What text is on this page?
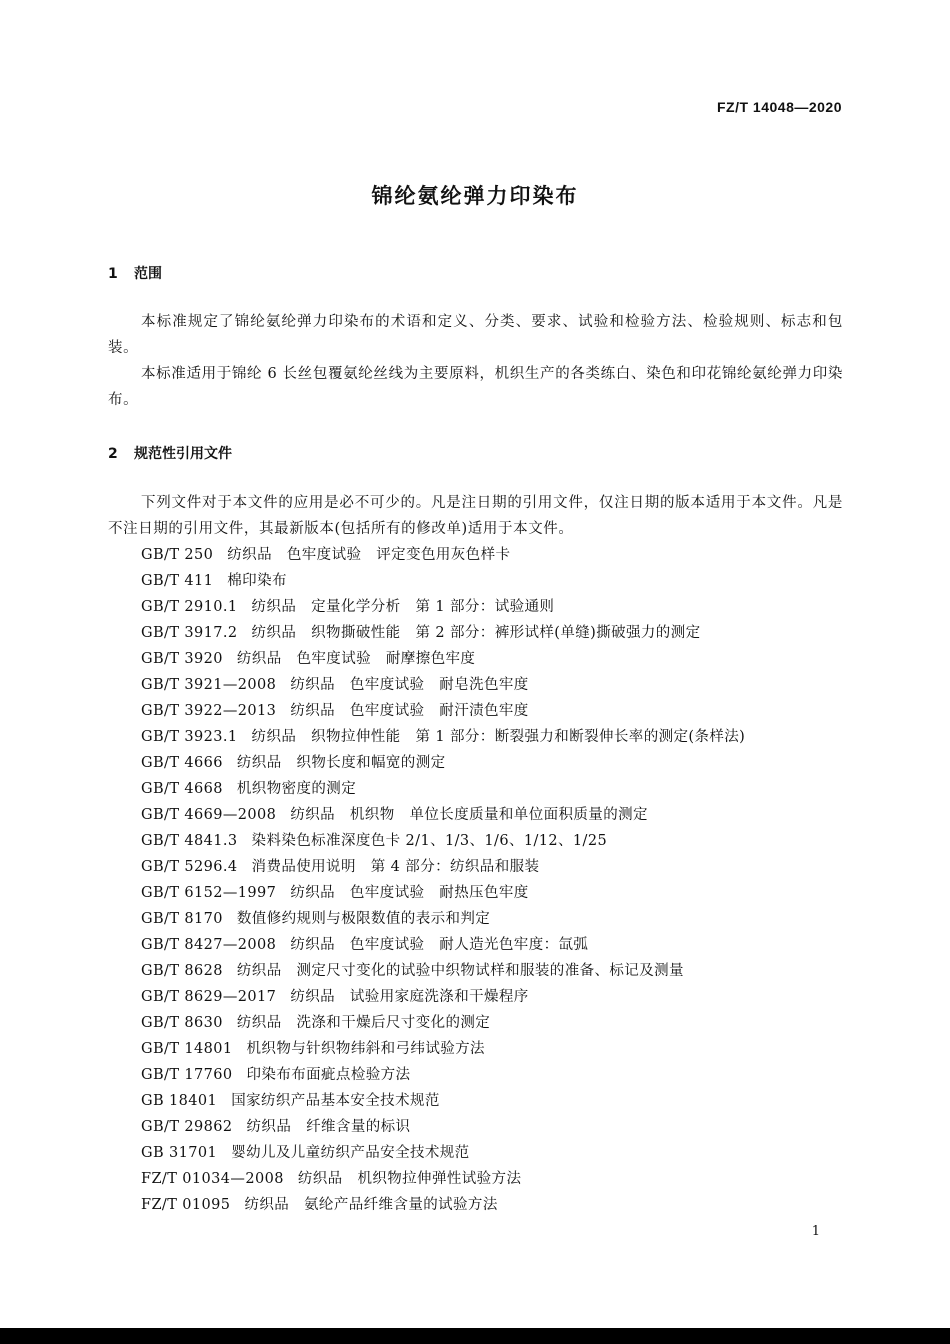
FZ/T 14048—2020
锦纶氨纶弹力印染布
1 范围
本标准规定了锦纶氨纶弹力印染布的术语和定义、分类、要求、试验和检验方法、检验规则、标志和包装。
本标准适用于锦纶 6 长丝包覆氨纶丝线为主要原料，机织生产的各类练白、染色和印花锦纶氨纶弹力印染布。
2 规范性引用文件
下列文件对于本文件的应用是必不可少的。凡是注日期的引用文件，仅注日期的版本适用于本文件。凡是不注日期的引用文件，其最新版本(包括所有的修改单)适用于本文件。
GB/T 250 纺织品　色牢度试验　评定变色用灰色样卡
GB/T 411 棉印染布
GB/T 2910.1 纺织品　定量化学分析　第 1 部分：试验通则
GB/T 3917.2 纺织品　织物撕破性能　第 2 部分：裤形试样(单缝)撕破强力的测定
GB/T 3920 纺织品　色牢度试验　耐摩擦色牢度
GB/T 3921—2008 纺织品　色牢度试验　耐皂洗色牢度
GB/T 3922—2013 纺织品　色牢度试验　耐汗渍色牢度
GB/T 3923.1 纺织品　织物拉伸性能　第 1 部分：断裂强力和断裂伸长率的测定(条样法)
GB/T 4666 纺织品　织物长度和幅宽的测定
GB/T 4668 机织物密度的测定
GB/T 4669—2008 纺织品　机织物　单位长度质量和单位面积质量的测定
GB/T 4841.3 染料染色标准深度色卡 2/1、1/3、1/6、1/12、1/25
GB/T 5296.4 消费品使用说明　第 4 部分：纺织品和服装
GB/T 6152—1997 纺织品　色牢度试验　耐热压色牢度
GB/T 8170 数值修约规则与极限数值的表示和判定
GB/T 8427—2008 纺织品　色牢度试验　耐人造光色牢度：氙弧
GB/T 8628 纺织品　测定尺寸变化的试验中织物试样和服装的准备、标记及测量
GB/T 8629—2017 纺织品　试验用家庭洗涤和干燥程序
GB/T 8630 纺织品　洗涤和干燥后尺寸变化的测定
GB/T 14801 机织物与针织物纬斜和弓纬试验方法
GB/T 17760 印染布布面疵点检验方法
GB 18401 国家纺织产品基本安全技术规范
GB/T 29862 纺织品　纤维含量的标识
GB 31701 婴幼儿及儿童纺织产品安全技术规范
FZ/T 01034—2008 纺织品　机织物拉伸弹性试验方法
FZ/T 01095 纺织品　氨纶产品纤维含量的试验方法
1
